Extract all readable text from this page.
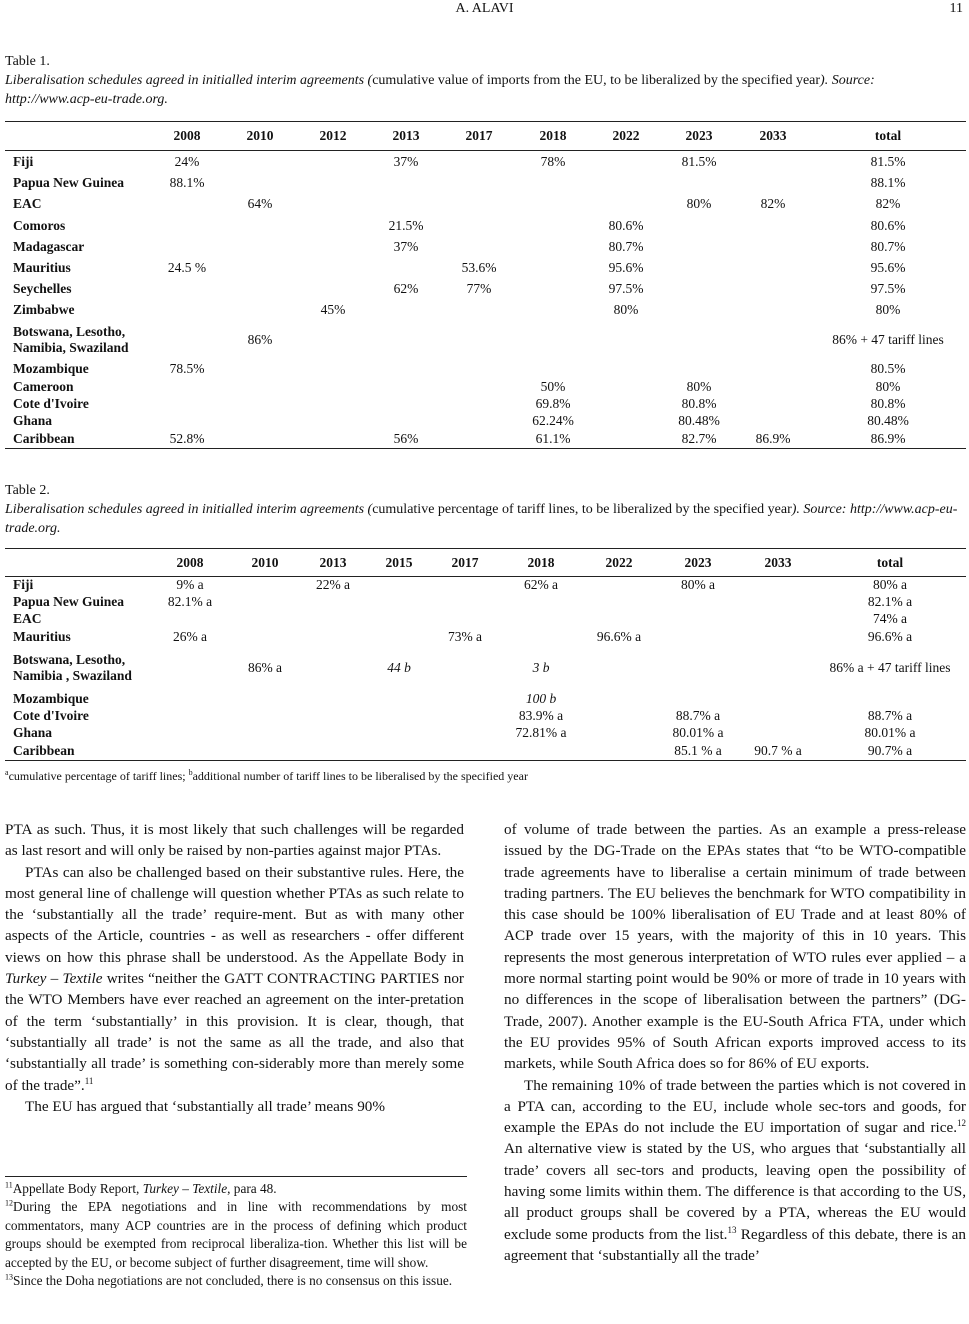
A. ALAVI	11
Table 1.
Liberalisation schedules agreed in initialled interim agreements (cumulative value of imports from the EU, to be liberalized by the specified year). Source: http://www.acp-eu-trade.org.
	2008	2010	2012	2013	2017	2018	2022	2023	2033	total
Fiji	24%			37%		78%		81.5%		81.5%
Papua New Guinea	88.1%									88.1%
EAC		64%						80%	82%	82%
Comoros				21.5%			80.6%			80.6%
Madagascar				37%			80.7%			80.7%
Mauritius	24.5 %				53.6%		95.6%			95.6%
Seychelles				62%	77%		97.5%			97.5%
Zimbabwe			45%				80%			80%
Botswana, Lesotho, Namibia, Swaziland		86%								86% + 47 tariff lines
Mozambique	78.5%									80.5%
Cameroon						50%		80%		80%
Cote d'Ivoire						69.8%		80.8%		80.8%
Ghana						62.24%		80.48%		80.48%
Caribbean	52.8%			56%		61.1%		82.7%	86.9%	86.9%
Table 2.
Liberalisation schedules agreed in initialled interim agreements (cumulative percentage of tariff lines, to be liberalized by the specified year). Source: http://www.acp-eu-trade.org.
	2008	2010	2013	2015	2017	2018	2022	2023	2033	total
Fiji	9% a		22% a			62% a		80% a		80% a
Papua New Guinea	82.1% a									82.1% a
EAC										74% a
Mauritius	26% a				73% a		96.6% a			96.6% a
Botswana, Lesotho, Namibia , Swaziland		86% a		44 b		3 b				86% a + 47 tariff lines
Mozambique						100 b				
Cote d'Ivoire						83.9% a		88.7% a		88.7% a
Ghana						72.81% a		80.01% a		80.01% a
Caribbean								85.1 % a	90.7 % a	90.7% a
$^a$cumulative percentage of tariff lines; $^b$additional number of tariff lines to be liberalised by the specified year

PTA as such. Thus, it is most likely that such challenges will be regarded as last resort and will only be raised by non-parties against major PTAs.

PTAs can also be challenged based on their substantive rules. Here, the most general line of challenge will question whether PTAs as such relate to the ‘substantially all the trade’ require-ment. But as with many other aspects of the Article, countries - as well as researchers - offer different views on how this phrase shall be understood. As the Appellate Body in Turkey – Textile writes “neither the GATT CONTRACTING PARTIES nor the WTO Members have ever reached an agreement on the inter-pretation of the term ‘substantially’ in this provision. It is clear, though, that ‘substantially all trade’ is not the same as all the trade, and also that ‘substantially all trade’ is something con-siderably more than merely some of the trade”.$^{11}$

The EU has argued that ‘substantially all trade’ means 90%

of volume of trade between the parties. As an example a press-release issued by the DG-Trade on the EPAs states that “to be WTO-compatible trade agreements have to liberalise a certain minimum of trade between trading partners. The EU believes the benchmark for WTO compatibility in this case should be 100% liberalisation of EU Trade and at least 80% of ACP trade over 15 years, with the majority of this in 10 years. This represents the most generous interpretation of WTO rules ever applied – a more normal starting point would be 90% or more of trade in 10 years with no differences in the scope of liberalisation between the partners” (DG-Trade, 2007). Another example is the EU-South Africa FTA, under which the EU provides 95% of South African exports improved access to its markets, while South Africa does so for 86% of EU exports.

The remaining 10% of trade between the parties which is not covered in a PTA can, according to the EU, include whole sec-tors and goods, for example the EPAs do not include the EU importation of sugar and rice.$^{12}$ An alternative view is stated by the US, who argues that ‘substantially all trade’ covers all sec-tors and products, leaving open the possibility of having some limits within them. The difference is that according to the US, all product groups shall be covered by a PTA, whereas the EU would exclude some products from the list.$^{13}$ Regardless of this debate, there is an agreement that ‘substantially all the trade’

$^{11}$Appellate Body Report, Turkey – Textile, para 48.

$^{12}$During the EPA negotiations and in line with recommendations by most commentators, many ACP countries are in the process of defining which product groups should be exempted from reciprocal liberaliza-tion. Whether this list will be accepted by the EU, or become subject of further disagreement, time will show.

$^{13}$Since the Doha negotiations are not concluded, there is no consensus on this issue.
